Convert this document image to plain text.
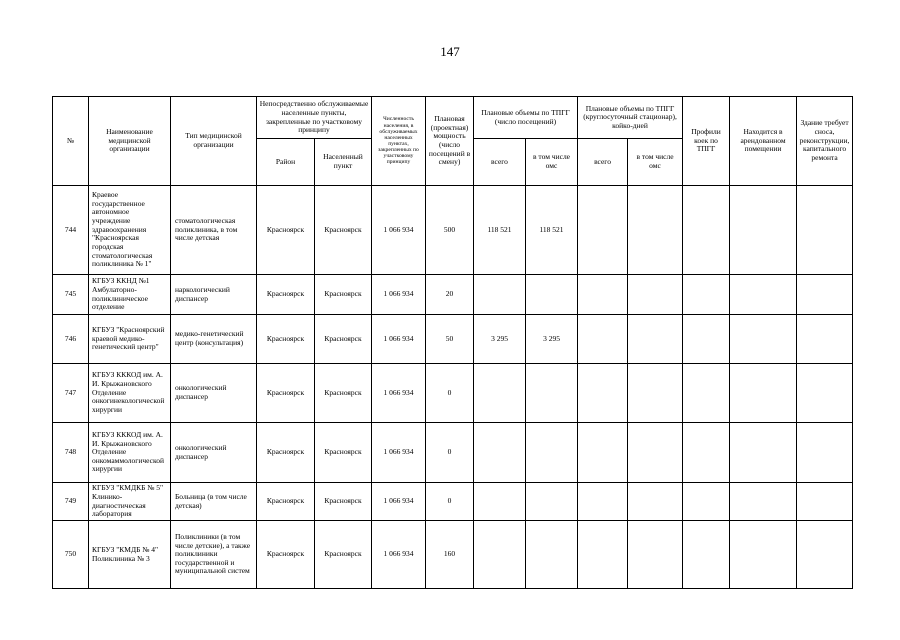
147
№	Наименование медицинской организации	Тип медицинской организации	Непосредственно обслуживаемые населенные пункты, закрепленные по участковому принципу		Численность населения, в обслуживаемых населенных пунктах, закрепленных по участковому принципу	Плановая (проектная) мощность (число посещений в смену)	Плановые объемы по ТПГГ (число посещений)		Плановые объемы по ТПГГ (круглосуточный стационар), койко-дней		Профили коек по ТПГГ	Находится в арендованном помещении	Здание требует сноса, реконструкции, капитального ремонта
			Район	Населенный пункт			всего	в том числе омс	всего	в том числе омс			
744	Краевое государственное автономное учреждение здравоохранения "Красноярская городская стоматологическая поликлиника № 1"	стоматологическая поликлиника, в том числе детская	Красноярск	Красноярск	1 066 934	500	118 521	118 521					
745	КГБУЗ ККНД №1 Амбулаторно-поликлиническое отделение	наркологический диспансер	Красноярск	Красноярск	1 066 934	20							
746	КГБУЗ "Красноярский краевой медико-генетический центр"	медико-генетический центр (консультация)	Красноярск	Красноярск	1 066 934	50	3 295	3 295					
747	КГБУЗ КККОД им. А. И. Крыжановского Отделение онкогинекологической хирургии	онкологический диспансер	Красноярск	Красноярск	1 066 934	0							
748	КГБУЗ КККОД им. А. И. Крыжановского Отделение онкомаммологической хирургии	онкологический диспансер	Красноярск	Красноярск	1 066 934	0							
749	КГБУЗ "КМДКБ № 5" Клинико-диагностическая лаборатория	Больница (в том числе детская)	Красноярск	Красноярск	1 066 934	0							
750	КГБУЗ "КМДБ № 4" Поликлиника № 3	Поликлиники (в том числе детские), а также поликлиники государственной и муниципальной систем	Красноярск	Красноярск	1 066 934	160							
